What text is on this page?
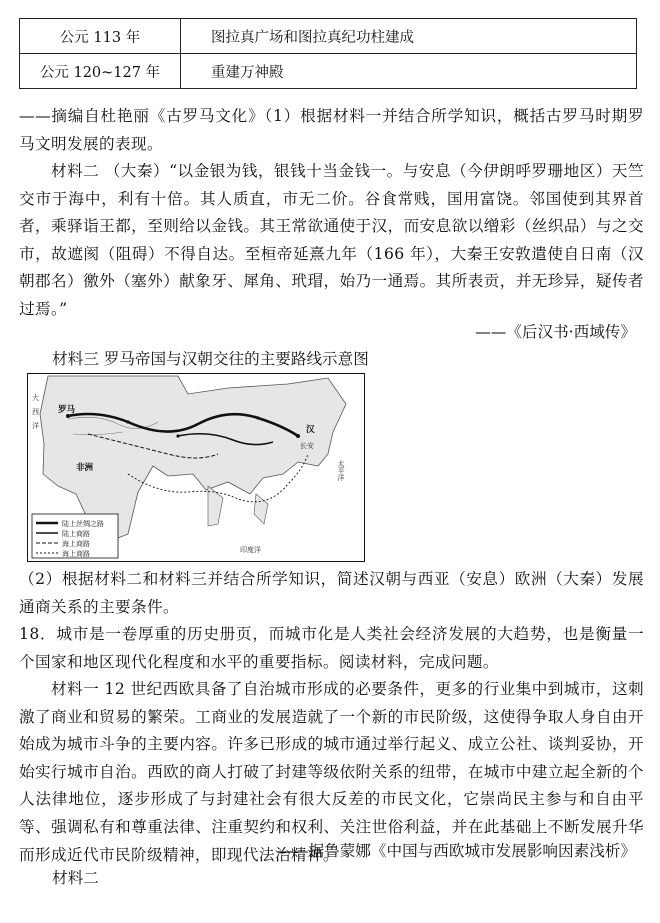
公元 113 年	图拉真广场和图拉真纪功柱建成
公元 120~127 年	重建万神殿

——摘编自杜艳丽《古罗马文化》（1）根据材料一并结合所学知识，概括古罗马时期罗马文明发展的表现。

材料二 （大秦）“以金银为钱，银钱十当金钱一。与安息（今伊朗呼罗珊地区）天竺交市于海中，利有十倍。其人质直，市无二价。谷食常贱，国用富饶。邻国使到其界首者，乘驿诣王都，至则给以金钱。其王常欲通使于汉，而安息欲以缯彩（丝织品）与之交市，故遮阂（阻碍）不得自达。至桓帝延熹九年（166 年），大秦王安敦遣使自日南（汉朝郡名）徼外（塞外）献象牙、犀角、玳瑁，始乃一通焉。其所表贡，并无珍异，疑传者过焉。”

——《后汉书·西域传》

材料三 罗马帝国与汉朝交往的主要路线示意图

罗马
汉
长安
太平洋
印度洋
非洲
大
西
洋
陆上丝绸之路
陆上商路
海上商路
海上商路

（2）根据材料二和材料三并结合所学知识，简述汉朝与西亚（安息）欧洲（大秦）发展通商关系的主要条件。

18．城市是一卷厚重的历史册页，而城市化是人类社会经济发展的大趋势，也是衡量一个国家和地区现代化程度和水平的重要指标。阅读材料，完成问题。

材料一 12 世纪西欧具备了自治城市形成的必要条件，更多的行业集中到城市，这刺激了商业和贸易的繁荣。工商业的发展造就了一个新的市民阶级，这使得争取人身自由开始成为城市斗争的主要内容。许多已形成的城市通过举行起义、成立公社、谈判妥协，开始实行城市自治。西欧的商人打破了封建等级依附关系的纽带，在城市中建立起全新的个人法律地位，逐步形成了与封建社会有很大反差的市民文化，它崇尚民主参与和自由平等、强调私有和尊重法律、注重契约和权利、关注世俗利益，并在此基础上不断发展升华而形成近代市民阶级精神，即现代法治精神。

——据鲁蒙娜《中国与西欧城市发展影响因素浅析》

材料二
